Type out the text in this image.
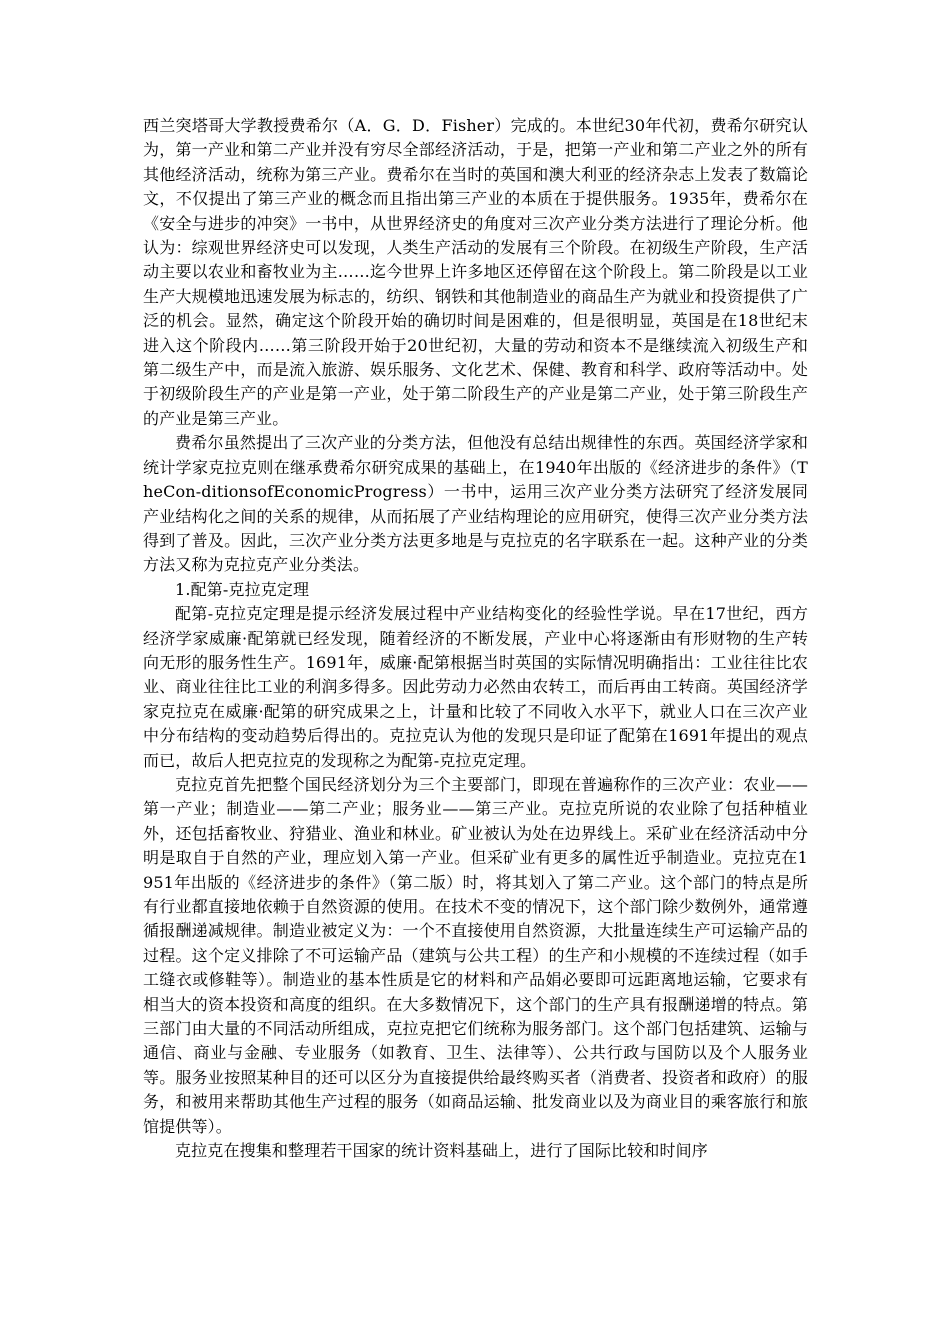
西兰突塔哥大学教授费希尔（A．G．D．Fisher）完成的。本世纪30年代初，费希尔研究认为，第一产业和第二产业并没有穷尽全部经济活动，于是，把第一产业和第二产业之外的所有其他经济活动，统称为第三产业。费希尔在当时的英国和澳大利亚的经济杂志上发表了数篇论文，不仅提出了第三产业的概念而且指出第三产业的本质在于提供服务。1935年，费希尔在《安全与进步的冲突》一书中，从世界经济史的角度对三次产业分类方法进行了理论分析。他认为：综观世界经济史可以发现，人类生产活动的发展有三个阶段。在初级生产阶段，生产活动主要以农业和畜牧业为主……迄今世界上许多地区还停留在这个阶段上。第二阶段是以工业生产大规模地迅速发展为标志的，纺织、钢铁和其他制造业的商品生产为就业和投资提供了广泛的机会。显然，确定这个阶段开始的确切时间是困难的，但是很明显，英国是在18世纪末进入这个阶段内……第三阶段开始于20世纪初，大量的劳动和资本不是继续流入初级生产和第二级生产中，而是流入旅游、娱乐服务、文化艺术、保健、教育和科学、政府等活动中。处于初级阶段生产的产业是第一产业，处于第二阶段生产的产业是第二产业，处于第三阶段生产的产业是第三产业。

费希尔虽然提出了三次产业的分类方法，但他没有总结出规律性的东西。英国经济学家和统计学家克拉克则在继承费希尔研究成果的基础上，在1940年出版的《经济进步的条件》（TheCon-ditionsofEconomicProgress）一书中，运用三次产业分类方法研究了经济发展同产业结构化之间的关系的规律，从而拓展了产业结构理论的应用研究，使得三次产业分类方法得到了普及。因此，三次产业分类方法更多地是与克拉克的名字联系在一起。这种产业的分类方法又称为克拉克产业分类法。

1.配第-克拉克定理

配第-克拉克定理是提示经济发展过程中产业结构变化的经验性学说。早在17世纪，西方经济学家威廉·配第就已经发现，随着经济的不断发展，产业中心将逐渐由有形财物的生产转向无形的服务性生产。1691年，威廉·配第根据当时英国的实际情况明确指出：工业往往比农业、商业往往比工业的利润多得多。因此劳动力必然由农转工，而后再由工转商。英国经济学家克拉克在威廉·配第的研究成果之上，计量和比较了不同收入水平下，就业人口在三次产业中分布结构的变动趋势后得出的。克拉克认为他的发现只是印证了配第在1691年提出的观点而已，故后人把克拉克的发现称之为配第-克拉克定理。

克拉克首先把整个国民经济划分为三个主要部门，即现在普遍称作的三次产业：农业——第一产业；制造业——第二产业；服务业——第三产业。克拉克所说的农业除了包括种植业外，还包括畜牧业、狩猎业、渔业和林业。矿业被认为处在边界线上。采矿业在经济活动中分明是取自于自然的产业，理应划入第一产业。但采矿业有更多的属性近乎制造业。克拉克在1951年出版的《经济进步的条件》（第二版）时，将其划入了第二产业。这个部门的特点是所有行业都直接地依赖于自然资源的使用。在技术不变的情况下，这个部门除少数例外，通常遵循报酬递减规律。制造业被定义为：一个不直接使用自然资源，大批量连续生产可运输产品的过程。这个定义排除了不可运输产品（建筑与公共工程）的生产和小规模的不连续过程（如手工缝衣或修鞋等）。制造业的基本性质是它的材料和产品娟必要即可远距离地运输，它要求有相当大的资本投资和高度的组织。在大多数情况下，这个部门的生产具有报酬递增的特点。第三部门由大量的不同活动所组成，克拉克把它们统称为服务部门。这个部门包括建筑、运输与通信、商业与金融、专业服务（如教育、卫生、法律等）、公共行政与国防以及个人服务业等。服务业按照某种目的还可以区分为直接提供给最终购买者（消费者、投资者和政府）的服务，和被用来帮助其他生产过程的服务（如商品运输、批发商业以及为商业目的乘客旅行和旅馆提供等）。

克拉克在搜集和整理若干国家的统计资料基础上，进行了国际比较和时间序
